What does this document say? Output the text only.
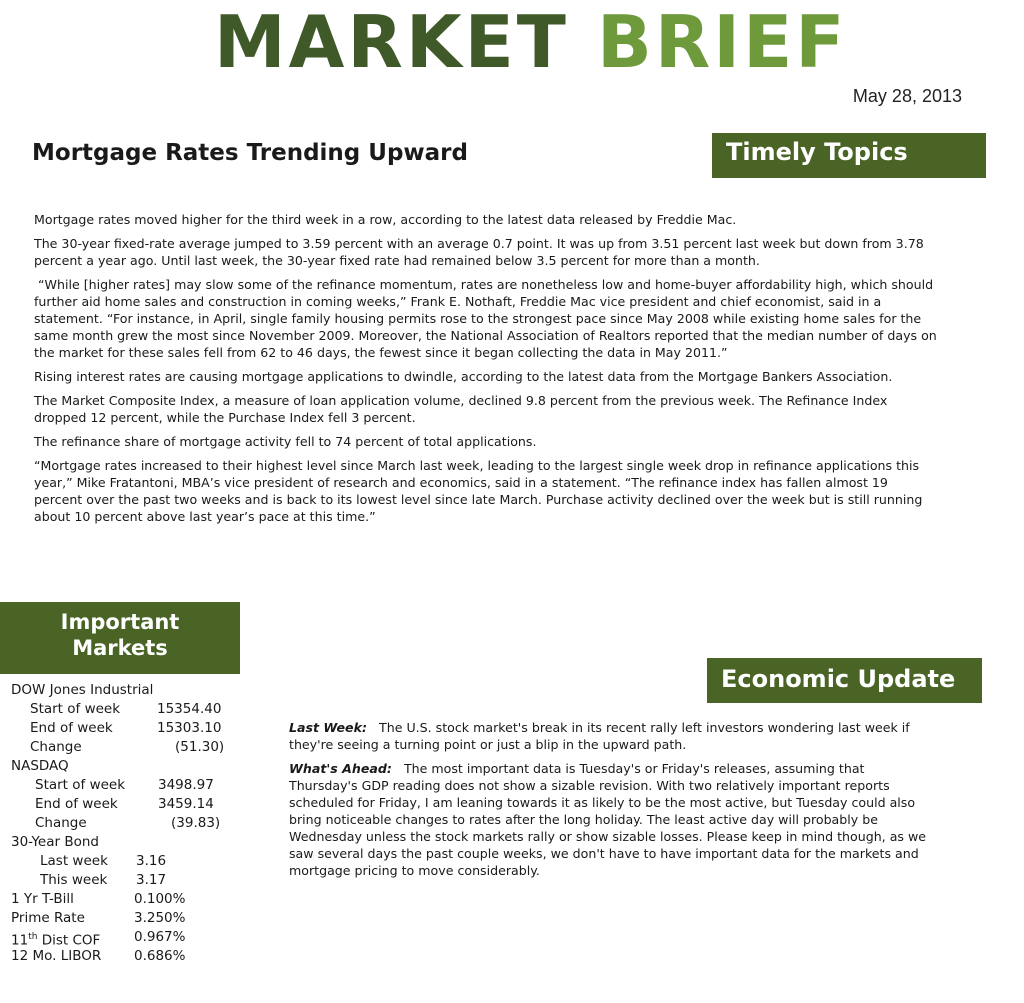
MARKET BRIEF
May 28, 2013
Mortgage Rates Trending Upward	Timely Topics

Mortgage rates moved higher for the third week in a row, according to the latest data released by Freddie Mac.

The 30-year fixed-rate average jumped to 3.59 percent with an average 0.7 point. It was up from 3.51 percent last week but down from 3.78 percent a year ago. Until last week, the 30-year fixed rate had remained below 3.5 percent for more than a month.

“While [higher rates] may slow some of the refinance momentum, rates are nonetheless low and home-buyer affordability high, which should further aid home sales and construction in coming weeks,” Frank E. Nothaft, Freddie Mac vice president and chief economist, said in a statement. “For instance, in April, single family housing permits rose to the strongest pace since May 2008 while existing home sales for the same month grew the most since November 2009. Moreover, the National Association of Realtors reported that the median number of days on the market for these sales fell from 62 to 46 days, the fewest since it began collecting the data in May 2011.”

Rising interest rates are causing mortgage applications to dwindle, according to the latest data from the Mortgage Bankers Association.

The Market Composite Index, a measure of loan application volume, declined 9.8 percent from the previous week. The Refinance Index dropped 12 percent, while the Purchase Index fell 3 percent.

The refinance share of mortgage activity fell to 74 percent of total applications.

“Mortgage rates increased to their highest level since March last week, leading to the largest single week drop in refinance applications this year,” Mike Fratantoni, MBA’s vice president of research and economics, said in a statement. “The refinance index has fallen almost 19 percent over the past two weeks and is back to its lowest level since late March. Purchase activity declined over the week but is still running about 10 percent above last year’s pace at this time.”

Important
Markets
DOW Jones Industrial
Start of week	15354.40
End of week	15303.10
Change	(51.30)
NASDAQ
Start of week 3498.97
End of week	3459.14
Change	(39.83)
30-Year Bond
Last week 3.16
This week 3.17
1 Yr T-Bill	0.100%
Prime Rate	3.250%
11th Dist COF 0.967%
12 Mo. LIBOR 0.686%
Economic Update

Last Week: The U.S. stock market's break in its recent rally left investors wondering last week if they're seeing a turning point or just a blip in the upward path.

What's Ahead: The most important data is Tuesday's or Friday's releases, assuming that Thursday's GDP reading does not show a sizable revision. With two relatively important reports scheduled for Friday, I am leaning towards it as likely to be the most active, but Tuesday could also bring noticeable changes to rates after the long holiday. The least active day will probably be Wednesday unless the stock markets rally or show sizable losses. Please keep in mind though, as we saw several days the past couple weeks, we don't have to have important data for the markets and mortgage pricing to move considerably.
